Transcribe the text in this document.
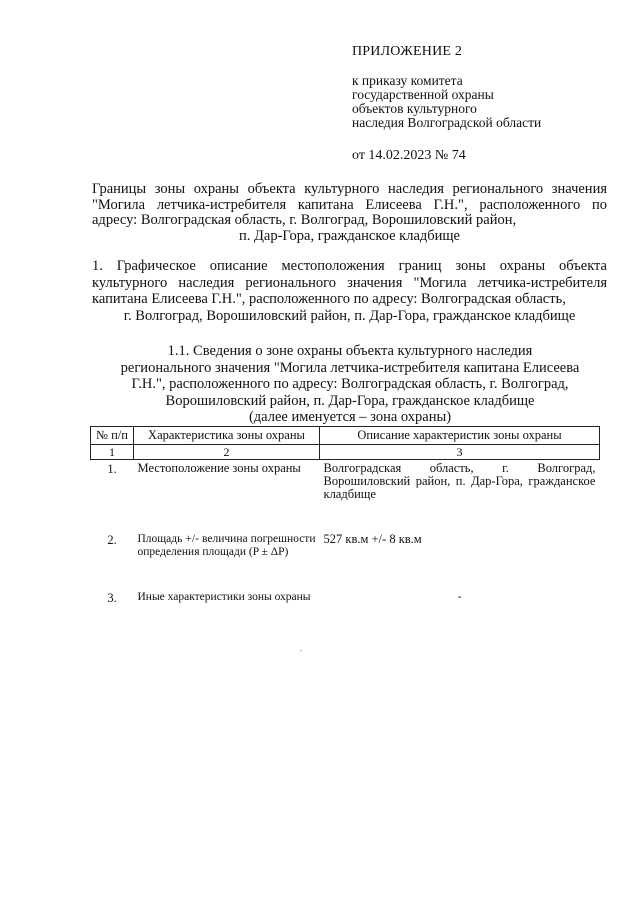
ПРИЛОЖЕНИЕ 2
к приказу комитета
государственной охраны
объектов культурного
наследия Волгоградской области
от 14.02.2023 № 74
Границы зоны охраны объекта культурного наследия регионального значения "Могила летчика-истребителя капитана Елисеева Г.Н.", расположенного по адресу: Волгоградская область, г. Волгоград, Ворошиловский район,
п. Дар-Гора, гражданское кладбище
1. Графическое описание местоположения границ зоны охраны объекта культурного наследия регионального значения "Могила летчика-истребителя капитана Елисеева Г.Н.", расположенного по адресу: Волгоградская область,
г. Волгоград, Ворошиловский район, п. Дар-Гора, гражданское кладбище
1.1. Сведения о зоне охраны объекта культурного наследия
регионального значения "Могила летчика-истребителя капитана Елисеева
Г.Н.", расположенного по адресу: Волгоградская область, г. Волгоград,
Ворошиловский район, п. Дар-Гора, гражданское кладбище
(далее именуется – зона охраны)
№ п/п	Характеристика зоны охраны	Описание характеристик зоны охраны
1	2	3
1.	Местоположение зоны охраны	Волгоградская область, г. Волгоград, Ворошиловский район, п. Дар-Гора, гражданское кладбище

2.	Площадь +/- величина погрешности определения площади (P ± ΔP)	527 кв.м +/- 8 кв.м

3.	Иные характеристики зоны охраны	-
